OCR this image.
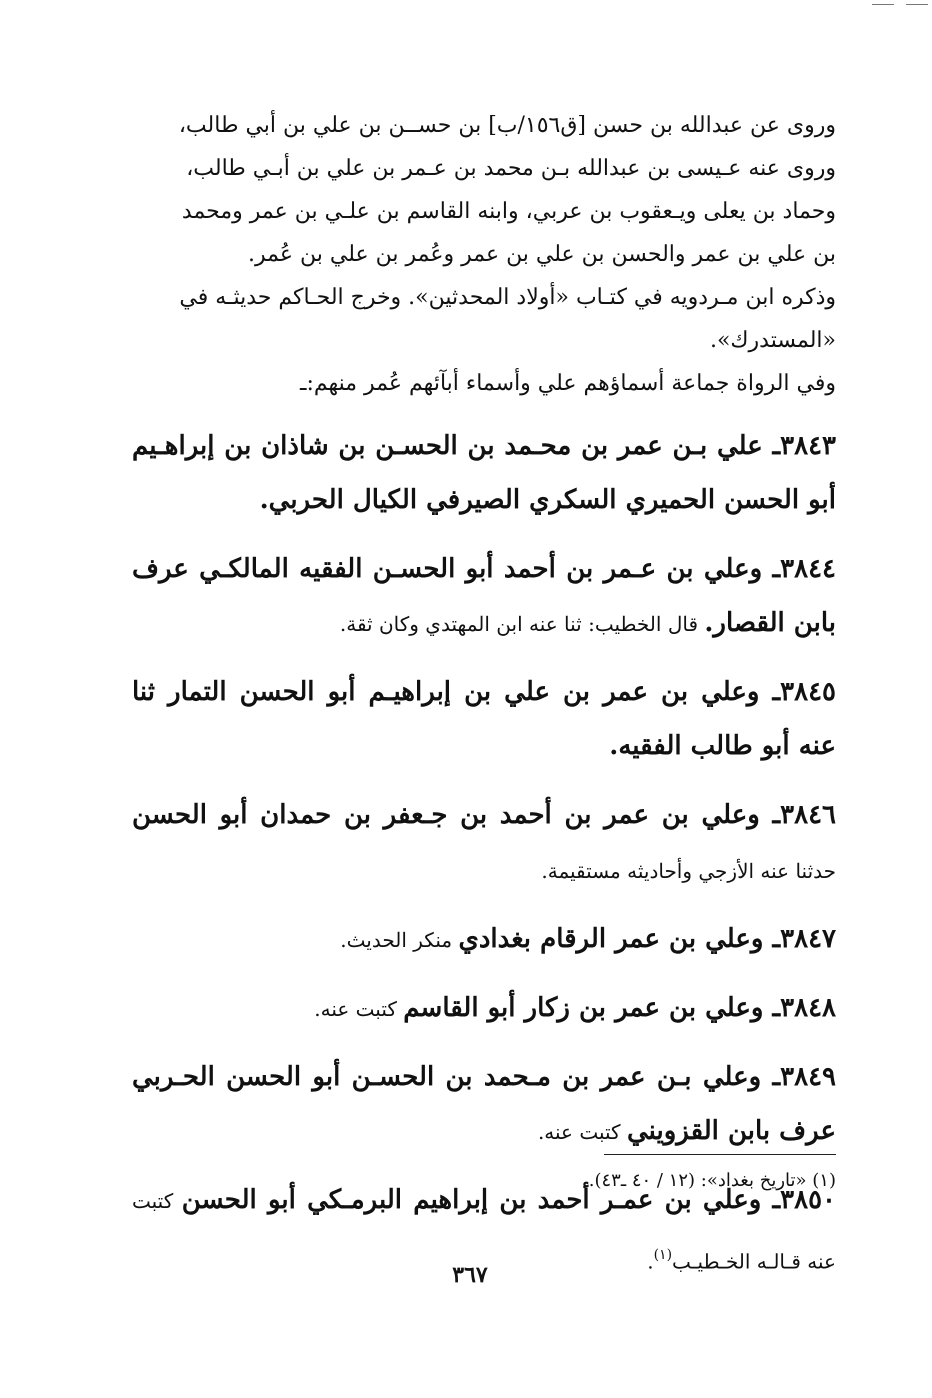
وروى عن عبدالله بن حسن [ق١٥٦/ب] بن حســن بن علي بن أبي طالب،

وروى عنه عـيسى بن عبدالله بـن محمد بن عـمر بن علي بن أبـي طالب،

وحماد بن يعلى ويـعقوب بن عربي، وابنه القاسم بن علـي بن عمر ومحمد

بن علي بن عمر والحسن بن علي بن عمر وعُمر بن علي بن عُمر.

وذكره ابن مـردويه في كتـاب «أولاد المحدثين». وخرج الحـاكم حديثـه في

«المستدرك».

وفي الرواة جماعة أسماؤهم علي وأسماء أبآئهم عُمر منهم:ـ

٣٨٤٣ـ علي بـن عمر بن محـمد بن الحسـن بن شاذان بن إبراهـيم أبو الحسن الحميري السكري الصيرفي الكيال الحربي.

٣٨٤٤ـ وعلي بن عـمر بن أحمد أبو الحسـن الفقيه المالكـي عرف بابن القصار. قال الخطيب: ثنا عنه ابن المهتدي وكان ثقة.

٣٨٤٥ـ وعلي بن عمر بن علي بن إبراهيـم أبو الحسن التمار ثنا عنه أبو طالب الفقيه.

٣٨٤٦ـ وعلي بن عمر بن أحمد بن جـعفر بن حمدان أبو الحسن حدثنا عنه الأزجي وأحاديثه مستقيمة.

٣٨٤٧ـ وعلي بن عمر الرقام بغدادي منكر الحديث.

٣٨٤٨ـ وعلي بن عمر بن زكار أبو القاسم كتبت عنه.

٣٨٤٩ـ وعلي بـن عمر بن مـحمد بن الحسـن أبو الحسن الحـربي عرف بابن القزويني كتبت عنه.

٣٨٥٠ـ وعلي بن عمـر أحمد بن إبراهيم البرمـكي أبو الحسن كتبت عنه قـالـه الخـطيـب$^{(١)}$.

(١) «تاريخ بغداد»: (١٢ / ٤٠ ـ٤٣).
٣٦٧
